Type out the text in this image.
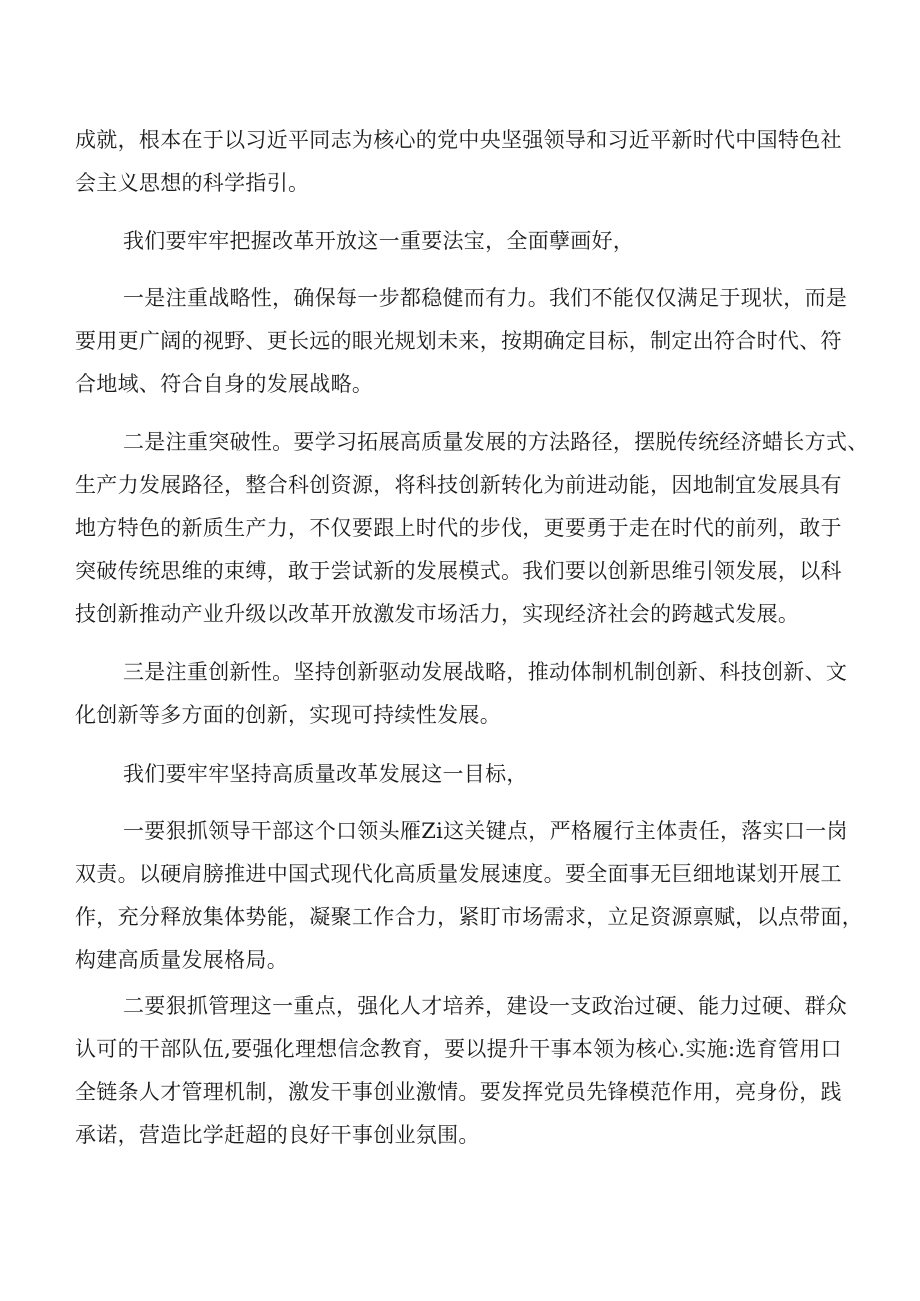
成就，根本在于以习近平同志为核心的党中央坚强领导和习近平新时代中国特色社
会主义思想的科学指引。
我们要牢牢把握改革开放这一重要法宝，全面孽画好，
一是注重战略性，确保每一步都稳健而有力。我们不能仅仅满足于现状，而是
要用更广阔的视野、更长远的眼光规划未来，按期确定目标，制定出符合时代、符
合地域、符合自身的发展战略。
二是注重突破性。要学习拓展高质量发展的方法路径，摆脱传统经济蜡长方式、
生产力发展路径，整合科创资源，将科技创新转化为前进动能，因地制宜发展具有
地方特色的新质生产力，不仅要跟上时代的步伐，更要勇于走在时代的前列，敢于
突破传统思维的束缚，敢于尝试新的发展模式。我们要以创新思维引领发展，以科
技创新推动产业升级以改革开放激发市场活力，实现经济社会的跨越式发展。
三是注重创新性。坚持创新驱动发展战略，推动体制机制创新、科技创新、文
化创新等多方面的创新，实现可持续性发展。
我们要牢牢坚持高质量改革发展这一目标，
一要狠抓领导干部这个口领头雁Zi这关键点，严格履行主体责任，落实口一岗
双责。以硬肩膀推进中国式现代化高质量发展速度。要全面事无巨细地谋划开展工
作，充分释放集体势能，凝聚工作合力，紧盯市场需求，立足资源禀赋，以点带面，
构建高质量发展格局。
二要狠抓管理这一重点，强化人才培养，建设一支政治过硬、能力过硬、群众
认可的干部队伍,要强化理想信念教育，要以提升干事本领为核心.实施:选育管用口
全链条人才管理机制，激发干事创业激情。要发挥党员先锋模范作用，亮身份，践
承诺，营造比学赶超的良好干事创业氛围。
